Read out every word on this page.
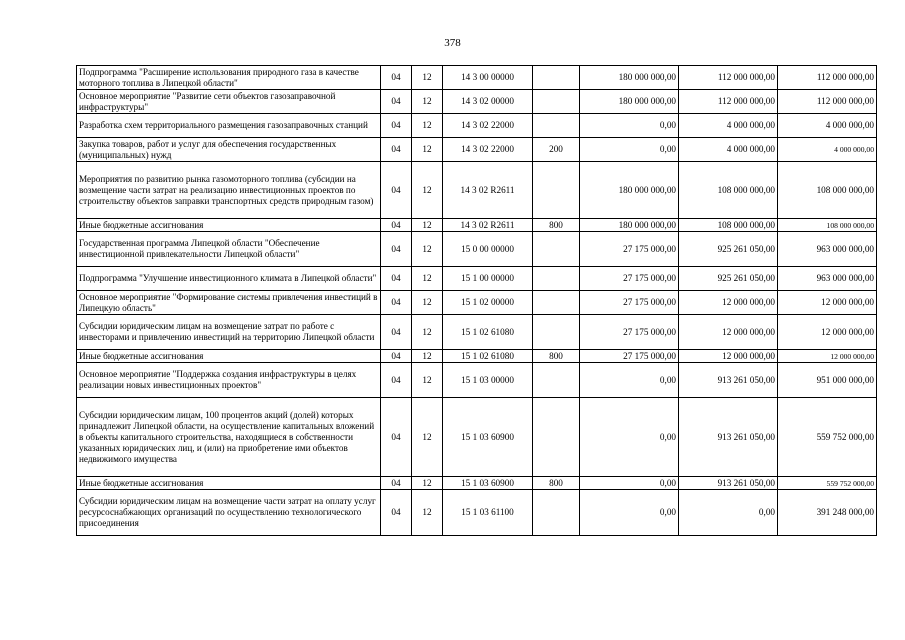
378
Подпрограмма "Расширение использования природного газа в качестве моторного топлива в Липецкой области"	04	12	14 3 00 00000		180 000 000,00	112 000 000,00	112 000 000,00
Основное мероприятие "Развитие сети объектов газозаправочной инфраструктуры"	04	12	14 3 02 00000		180 000 000,00	112 000 000,00	112 000 000,00
Разработка схем территориального размещения газозаправочных станций	04	12	14 3 02 22000		0,00	4 000 000,00	4 000 000,00
Закупка товаров, работ и услуг для обеспечения государственных (муниципальных) нужд	04	12	14 3 02 22000	200	0,00	4 000 000,00	4 000 000,00
Мероприятия по развитию рынка газомоторного топлива (субсидии на возмещение части затрат на реализацию инвестиционных проектов по строительству объектов заправки транспортных средств природным газом)	04	12	14 3 02 R2611		180 000 000,00	108 000 000,00	108 000 000,00
Иные бюджетные ассигнования	04	12	14 3 02 R2611	800	180 000 000,00	108 000 000,00	108 000 000,00
Государственная программа Липецкой области "Обеспечение инвестиционной привлекательности Липецкой области"	04	12	15 0 00 00000		27 175 000,00	925 261 050,00	963 000 000,00
Подпрограмма "Улучшение инвестиционного климата в Липецкой области"	04	12	15 1 00 00000		27 175 000,00	925 261 050,00	963 000 000,00
Основное мероприятие "Формирование системы привлечения инвестиций в Липецкую область"	04	12	15 1 02 00000		27 175 000,00	12 000 000,00	12 000 000,00
Субсидии юридическим лицам на возмещение затрат по работе с инвесторами и привлечению инвестиций на территорию Липецкой области	04	12	15 1 02 61080		27 175 000,00	12 000 000,00	12 000 000,00
Иные бюджетные ассигнования	04	12	15 1 02 61080	800	27 175 000,00	12 000 000,00	12 000 000,00
Основное мероприятие "Поддержка создания инфраструктуры в целях реализации новых инвестиционных проектов"	04	12	15 1 03 00000		0,00	913 261 050,00	951 000 000,00
Субсидии юридическим лицам, 100 процентов акций (долей) которых принадлежит Липецкой области, на осуществление капитальных вложений в объекты капитального строительства, находящиеся в собственности указанных юридических лиц, и (или) на приобретение ими объектов недвижимого имущества	04	12	15 1 03 60900		0,00	913 261 050,00	559 752 000,00
Иные бюджетные ассигнования	04	12	15 1 03 60900	800	0,00	913 261 050,00	559 752 000,00
Субсидии юридическим лицам на возмещение части затрат на оплату услуг ресурсоснабжающих организаций по осуществлению технологического присоединения	04	12	15 1 03 61100		0,00	0,00	391 248 000,00
